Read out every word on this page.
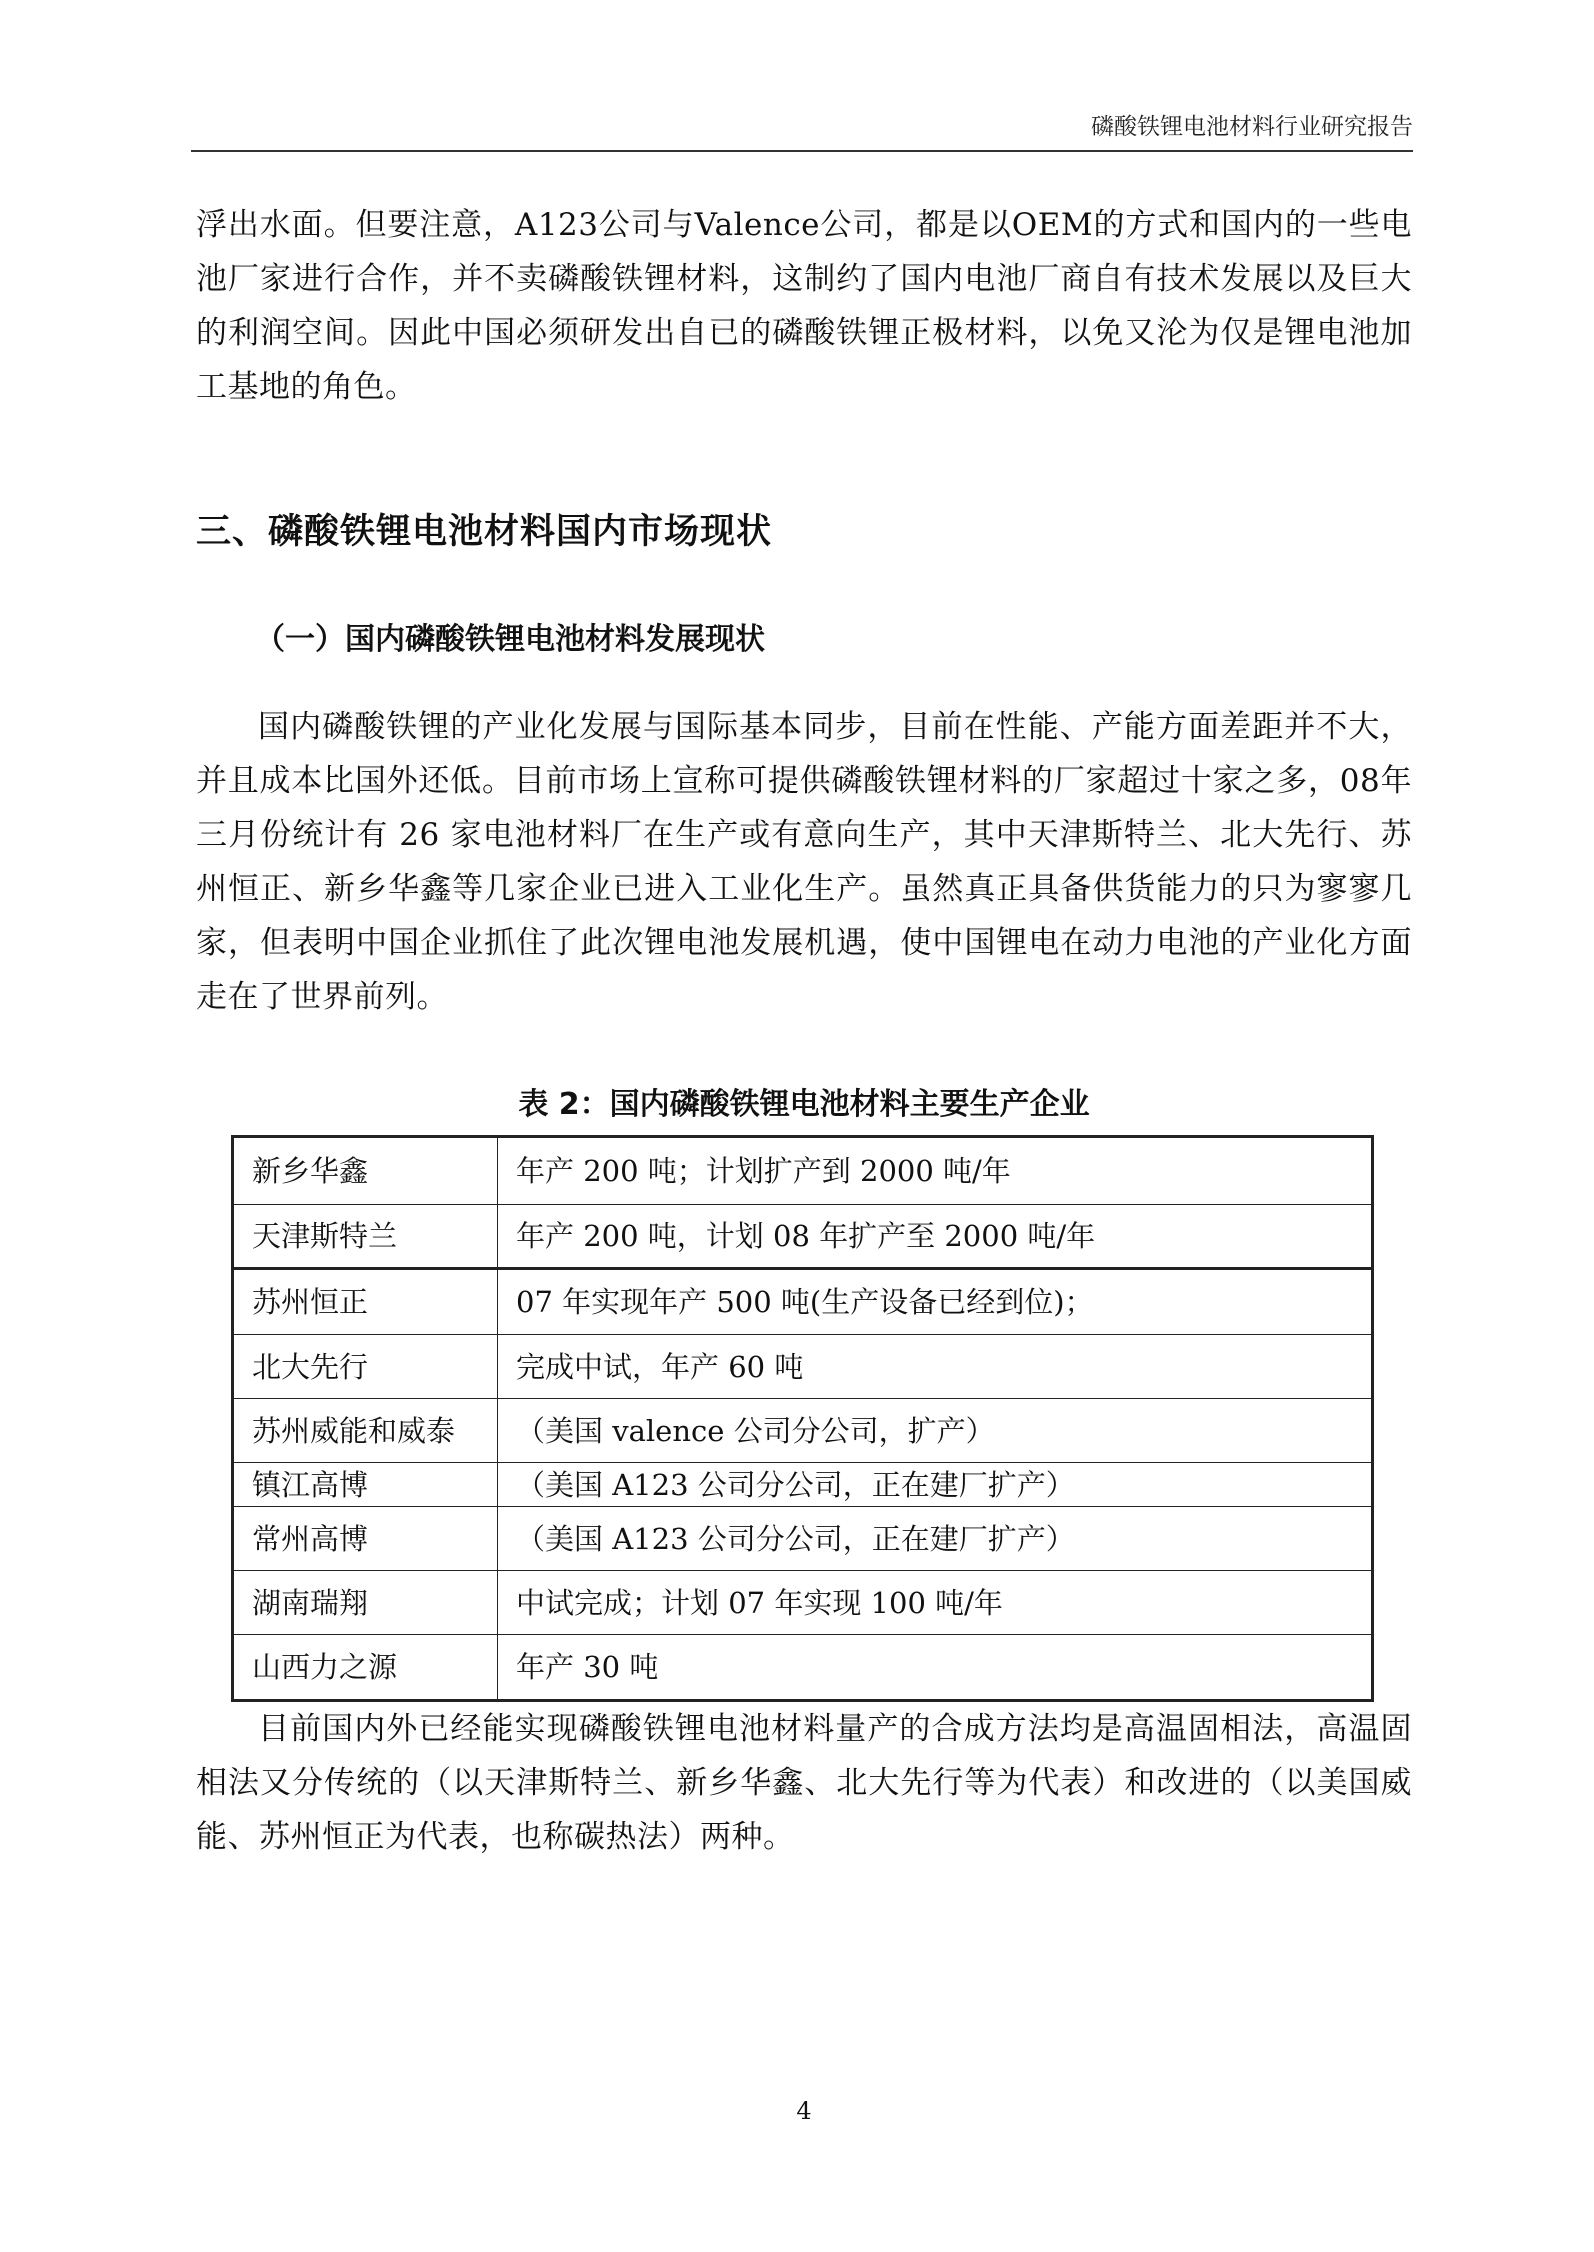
磷酸铁锂电池材料行业研究报告

浮出水面。但要注意，A123公司与Valence公司，都是以OEM的方式和国内的一些电池厂家进行合作，并不卖磷酸铁锂材料，这制约了国内电池厂商自有技术发展以及巨大的利润空间。因此中国必须研发出自已的磷酸铁锂正极材料，以免又沦为仅是锂电池加工基地的角色。

三、磷酸铁锂电池材料国内市场现状
（一）国内磷酸铁锂电池材料发展现状

国内磷酸铁锂的产业化发展与国际基本同步，目前在性能、产能方面差距并不大，并且成本比国外还低。目前市场上宣称可提供磷酸铁锂材料的厂家超过十家之多，08年三月份统计有 26 家电池材料厂在生产或有意向生产，其中天津斯特兰、北大先行、苏州恒正、新乡华鑫等几家企业已进入工业化生产。虽然真正具备供货能力的只为寥寥几家，但表明中国企业抓住了此次锂电池发展机遇，使中国锂电在动力电池的产业化方面走在了世界前列。

表 2：国内磷酸铁锂电池材料主要生产企业
新乡华鑫	年产 200 吨；计划扩产到 2000 吨/年
天津斯特兰	年产 200 吨，计划 08 年扩产至 2000 吨/年
苏州恒正	07 年实现年产 500 吨(生产设备已经到位)；
北大先行	完成中试，年产 60 吨
苏州威能和威泰	（美国 valence 公司分公司，扩产）
镇江高博	（美国 A123 公司分公司，正在建厂扩产）
常州高博	（美国 A123 公司分公司，正在建厂扩产）
湖南瑞翔	中试完成；计划 07 年实现 100 吨/年
山西力之源	年产 30 吨

目前国内外已经能实现磷酸铁锂电池材料量产的合成方法均是高温固相法，高温固相法又分传统的（以天津斯特兰、新乡华鑫、北大先行等为代表）和改进的（以美国威能、苏州恒正为代表，也称碳热法）两种。

4
